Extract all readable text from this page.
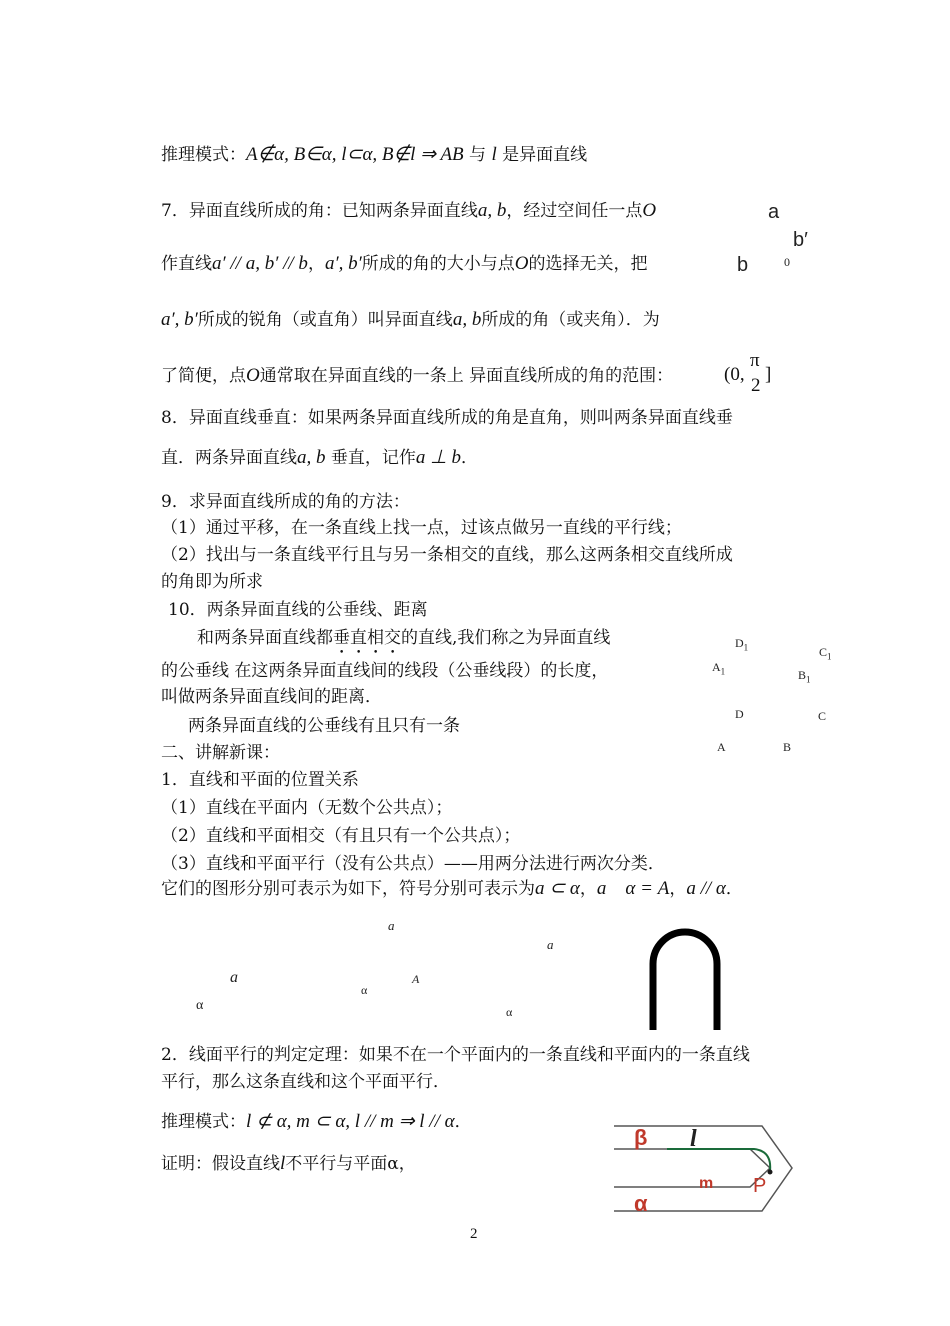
推理模式：A∉α, B∈α, l⊂α, B∉l ⇒ AB 与 l 是异面直线
7．异面直线所成的角：已知两条异面直线a, b，经过空间任一点O
作直线a′ // a, b′ // b，a′, b′所成的角的大小与点O的选择无关，把
a′, b′所成的锐角（或直角）叫异面直线a, b所成的角（或夹角）．为
了简便，点O通常取在异面直线的一条上 异面直线所成的角的范围：	(0,
π
2
]
a
b′
b	0
8．异面直线垂直：如果两条异面直线所成的角是直角，则叫两条异面直线垂
直．两条异面直线a, b 垂直，记作a ⊥ b．
9．求异面直线所成的角的方法：
（1）通过平移，在一条直线上找一点，过该点做另一直线的平行线；
（2）找出与一条直线平行且与另一条相交的直线，那么这两条相交直线所成
的角即为所求
10．两条异面直线的公垂线、距离
和两条异面直线都垂直相交的直线,我们称之为异面直线
的公垂线 在这两条异面直线间的线段（公垂线段）的长度，
叫做两条异面直线间的距离．
两条异面直线的公垂线有且只有一条
$D_1$	$C_1$
$A_1$	$B_1$
D	C
A	B
二、讲解新课：
1．直线和平面的位置关系
（1）直线在平面内（无数个公共点）；
（2）直线和平面相交（有且只有一个公共点）；
（3）直线和平面平行（没有公共点）——用两分法进行两次分类．
它们的图形分别可表示为如下，符号分别可表示为a ⊂ α，a    α = A，a // α．
a
a
a
α
α
A
α
2．线面平行的判定定理：如果不在一个平面内的一条直线和平面内的一条直线
平行，那么这条直线和这个平面平行．
推理模式：l ⊄ α, m ⊂ α, l // m ⇒ l // α．
证明：假设直线l不平行与平面α，
β l
α
m P
2
